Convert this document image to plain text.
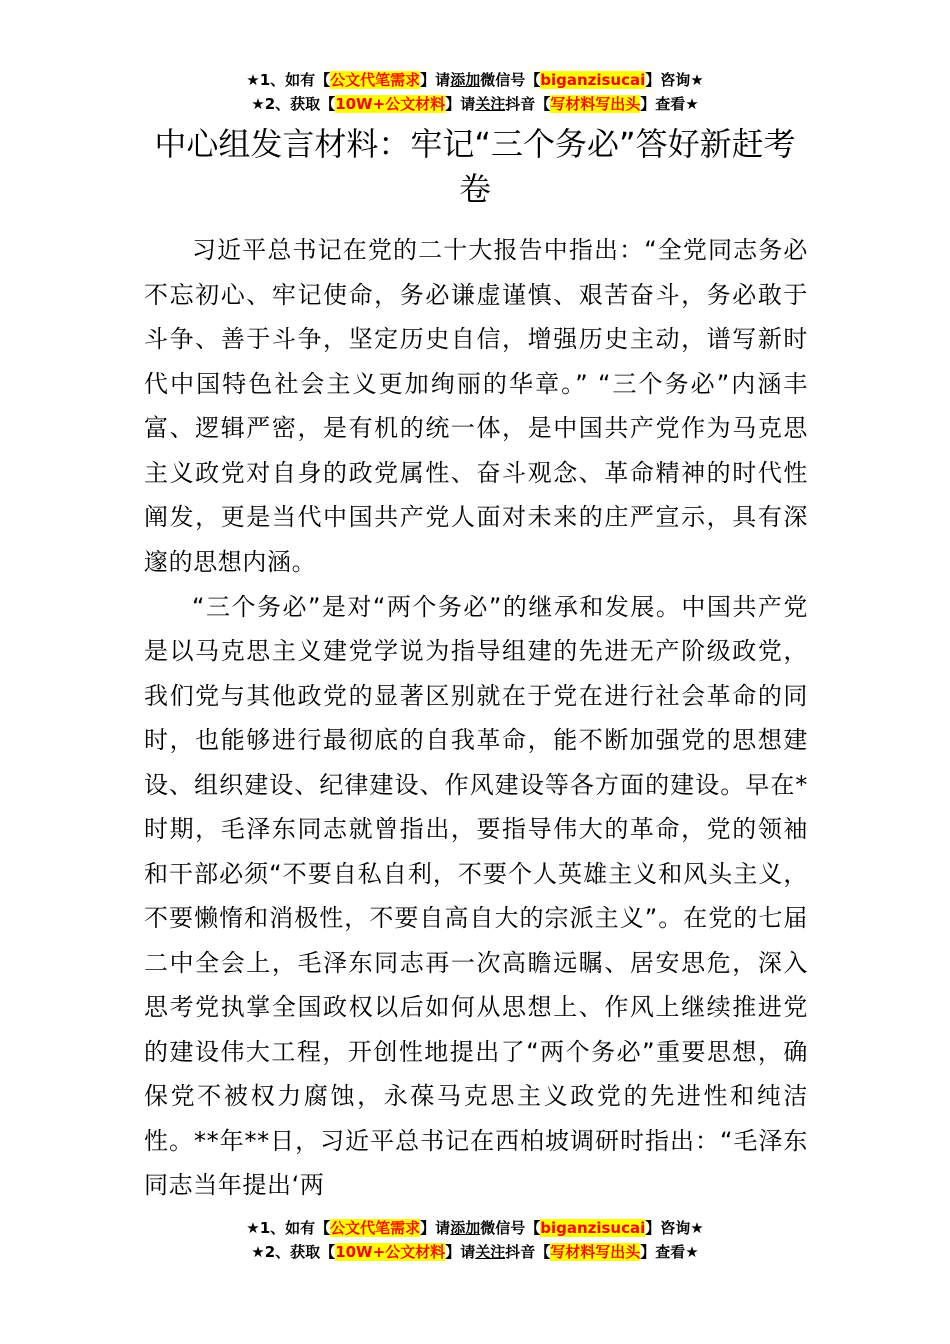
★1、如有【公文代笔需求】请添加微信号【biganzisucai】咨询★
★2、获取【10W+公文材料】请关注抖音【写材料写出头】查看★
中心组发言材料：牢记“三个务必”答好新赶考卷

习近平总书记在党的二十大报告中指出：“全党同志务必不忘初心、牢记使命，务必谦虚谨慎、艰苦奋斗，务必敢于斗争、善于斗争，坚定历史自信，增强历史主动，谱写新时代中国特色社会主义更加绚丽的华章。” “三个务必”内涵丰富、逻辑严密，是有机的统一体，是中国共产党作为马克思主义政党对自身的政党属性、奋斗观念、革命精神的时代性阐发，更是当代中国共产党人面对未来的庄严宣示，具有深邃的思想内涵。

“三个务必”是对“两个务必”的继承和发展。中国共产党是以马克思主义建党学说为指导组建的先进无产阶级政党，我们党与其他政党的显著区别就在于党在进行社会革命的同时，也能够进行最彻底的自我革命，能不断加强党的思想建设、组织建设、纪律建设、作风建设等各方面的建设。早在*时期，毛泽东同志就曾指出，要指导伟大的革命，党的领袖和干部必须“不要自私自利，不要个人英雄主义和风头主义，不要懒惰和消极性，不要自高自大的宗派主义”。在党的七届二中全会上，毛泽东同志再一次高瞻远瞩、居安思危，深入思考党执掌全国政权以后如何从思想上、作风上继续推进党的建设伟大工程，开创性地提出了“两个务必”重要思想，确保党不被权力腐蚀，永葆马克思主义政党的先进性和纯洁性。**年**日，习近平总书记在西柏坡调研时指出：“毛泽东同志当年提出‘两

★1、如有【公文代笔需求】请添加微信号【biganzisucai】咨询★
★2、获取【10W+公文材料】请关注抖音【写材料写出头】查看★
